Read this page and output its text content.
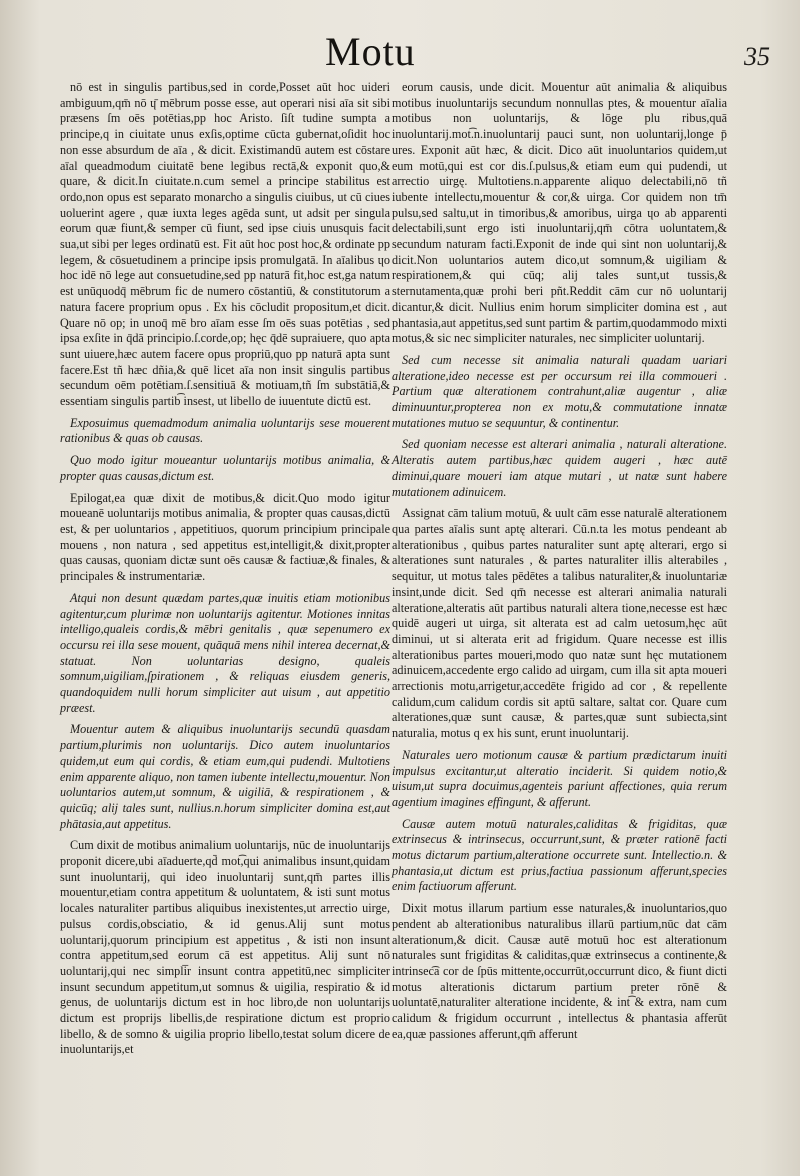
Motu	35

nō est in singulis partibus,sed in corde,Posset aūt hoc uideri ambiguum,qm̄ nō ɥ̄ mēbrum posse esse, aut operari nisi aīa sit sibi præsens ſm oēs potētias,pp hoc Aristo. ſiſt tudine sumpta a principe,q in ciuitate unus exſis,optime cūcta gubernat,oſidit hoc non esse absurdum de aīa , & dicit. Existimandū autem est cōstare aīal queadmodum ciuitatē bene legibus rectā,& exponit quo,& quare, & dicit.In ciuitate.n.cum semel a principe stabilitus est ordo,non opus est separato monarcho a singulis ciuibus, ut cū ciues uoluerint agere , quæ iuxta leges agēda sunt, ut adsit per singula eorum quæ fiunt,& semper cū fiunt, sed ipse ciuis unusquis facit sua,ut sibi per leges ordinatū est. Fit aūt hoc post hoc,& ordinate pp legem, & cōsuetudinem a principe ipsis promulgatā. In aīalibus ɥo hoc idē nō lege aut consuetudine,sed pp naturā fit,hoc est,ga natum est unūquodq̄ mēbrum fic de numero cōstantiū, & constitutorum a natura facere proprium opus . Ex his cōcludit propositum,et dicit. Quare nō op; in unoq̄ mē bro aīam esse ſm oēs suas potētias , sed ipsa exſite in q̄dā principio.ſ.corde,op; hęc q̄dē supraiuere, quo apta sunt uiuere,hæc autem facere opus propriū,quo pp naturā apta sunt facere.Est tñ hæc dñia,& quē licet aīa non insit singulis partibus secundum oēm potētiam.ſ.sensitiuā & motiuam,tñ ſm substātiā,& essentiam singulis partib͡ insest, ut libello de iuuentute dictū est.

Exposuimus quemadmodum animalia uoluntarijs sese mouerent rationibus & quas ob causas.

Quo modo igitur moueantur uoluntarijs motibus animalia, & propter quas causas,dictum est.

Epilogat,ea quæ dixit de motibus,& dicit.Quo modo igitur moueanē uoluntarijs motibus animalia, & propter quas causas,dictū est, & per uoluntarios , appetitiuos, quorum principium principale mouens , non natura , sed appetitus est,intelligit,& dixit,propter quas causas, quoniam dictæ sunt oēs causæ & factiuæ,& finales, & principales & instrumentariæ.

Atqui non desunt quædam partes,quæ inuitis etiam motionibus agitentur,cum plurimæ non uoluntarijs agitentur. Motiones innitas intelligo,qualeis cordis,& mēbri genitalis , quæ sepenumero ex occursu rei illa sese mouent, quāquā mens nihil interea decernat,& statuat. Non uoluntarias designo, qualeis somnum,uigiliam,ſpirationem , & reliquas eiusdem generis, quandoquidem nulli horum simpliciter aut uisum , aut appetitio præest.

Mouentur autem & aliquibus inuoluntarijs secundū quasdam partium,plurimis non uoluntarijs. Dico autem inuoluntarios quidem,ut eum qui cordis, & etiam eum,qui pudendi. Multotiens enim apparente aliquo, non tamen iubente intellectu,mouentur. Non uoluntarios autem,ut somnum, & uigiliā, & respirationem , & quicūq; alij tales sunt, nullius.n.horum simpliciter domina est,aut phātasia,aut appetitus.

Cum dixit de motibus animalium uoluntarijs, nūc de inuoluntarijs proponit dicere,ubi aīaduerte,qd̄ mot͡,qui animalibus insunt,quidam sunt inuoluntarij, qui ideo inuoluntarij sunt,qm̄ partes illis mouentur,etiam contra appetitum & uoluntatem, & isti sunt motus locales naturaliter partibus aliquibus inexistentes,ut arrectio uirge, pulsus cordis,obsciatio, & id genus.Alij sunt motus uoluntarij,quorum principium est appetitus , & isti non insunt contra appetitum,sed eorum cā est appetitus. Alij sunt nō uoluntarij,qui nec simpli̅r insunt contra appetitū,nec simpliciter insunt secundum appetitum,ut somnus & uigilia, respiratio & id genus, de uoluntarijs dictum est in hoc libro,de non uoluntarijs dictum est proprijs libellis,de respiratione dictum est proprio libello, & de somno & uigilia proprio libello,testat solum dicere de inuoluntarijs,et

eorum causis, unde dicit. Mouentur aūt animalia & aliquibus motibus inuoluntarijs secundum nonnullas ptes, & mouentur aīalia motibus non uoluntarijs, & lōge plu ribus,quā inuoluntarij.mot͡.n.inuoluntarij pauci sunt, non uoluntarij,longe p̄ ures. Exponit aūt hæc, & dicit. Dico aūt inuoluntarios quidem,ut eum motū,qui est cor dis.ſ.pulsus,& etiam eum qui pudendi, ut arrectio uirgę. Multotiens.n.apparente aliquo delectabili,nō tñ iubente intellectu,mouentur & cor,& uirga. Cor quidem non tm̄ pulsu,sed saltu,ut in timoribus,& amoribus, uirga ɥo ab apparenti delectabili,sunt ergo isti inuoluntarij,qm̄ cōtra uoluntatem,& secundum naturam facti.Exponit de inde qui sint non uoluntarij,& dicit.Non uoluntarios autem dico,ut somnum,& uigiliam & respirationem,& qui cūq; alij tales sunt,ut tussis,& sternutamenta,quæ prohi beri pñt.Reddit cām cur nō uoluntarij dicantur,& dicit. Nullius enim horum simpliciter domina est , aut phantasia,aut appetitus,sed sunt partim & partim,quodammodo mixti motus,& sic nec simpliciter naturales, nec simpliciter uoluntarij.

Sed cum necesse sit animalia naturali quadam uariari alteratione,ideo necesse est per occursum rei illa commoueri . Partium quæ alterationem contrahunt,aliæ augentur , aliæ diminuuntur,propterea non ex motu,& commutatione innatæ mutationes mutuo se sequuntur, & continentur.

Sed quoniam necesse est alterari animalia , naturali alteratione. Alteratis autem partibus,hæc quidem augeri , hæc autē diminui,quare moueri iam atque mutari , ut natæ sunt habere mutationem adinuicem.

Assignat cām talium motuū, & uult cām esse naturalē alterationem qua partes aīalis sunt aptę alterari. Cū.n.ta les motus pendeant ab alterationibus , quibus partes naturaliter sunt aptę alterari, ergo si alterationes sunt naturales , & partes naturaliter illis alterabiles , sequitur, ut motus tales pēdētes a talibus naturaliter,& inuoluntariæ insint,unde dicit. Sed qm̄ necesse est alterari animalia naturali alteratione,alteratis aūt partibus naturali altera tione,necesse est hæc quidē augeri ut uirga, sit alterata est ad calm uetosum,hęc aūt diminui, ut si alterata erit ad frigidum. Quare necesse est illis alterationibus partes moueri,modo quo natæ sunt hęc mutationem adinuicem,accedente ergo calido ad uirgam, cum illa sit apta moueri arrectionis motu,arrigetur,accedēte frigido ad cor , & repellente calidum,cum calidum cordis sit aptū saltare, saltat cor. Quare cum alterationes,quæ sunt causæ, & partes,quæ sunt subiecta,sint naturalia, motus q ex his sunt, erunt inuoluntarij.

Naturales uero motionum causæ & partium prædictarum inuiti impulsus excitantur,ut alteratio inciderit. Si quidem notio,& uisum,ut supra docuimus,agenteis pariunt affectiones, quia rerum agentium imagines effingunt, & afferunt.

Causæ autem motuū naturales,caliditas & frigiditas, quæ extrinsecus & intrinsecus, occurrunt,sunt, & præter rationē facti motus dictarum partium,alteratione occurrete sunt. Intellectio.n. & phantasia,ut dictum est prius,factiua passionum afferunt,species enim factiuorum afferunt.

Dixit motus illarum partium esse naturales,& inuoluntarios,quo pendent ab alterationibus naturalibus illarū partium,nūc dat cām alterationum,& dicit. Causæ autē motuū hoc est alterationum naturales sunt frigiditas & caliditas,quæ extrinsecus a continente,& intrinsec͡a cor de ſpūs mittente,occurrūt,occurrunt dico, & fiunt dicti motus alterationis dictarum partium preter rōnē & uoluntatē,naturaliter alteratione incidente, & int͡ & extra, nam cum calidum & frigidum occurrunt , intellectus & phantasia afferūt ea,quæ passiones afferunt,qm̄ afferunt
